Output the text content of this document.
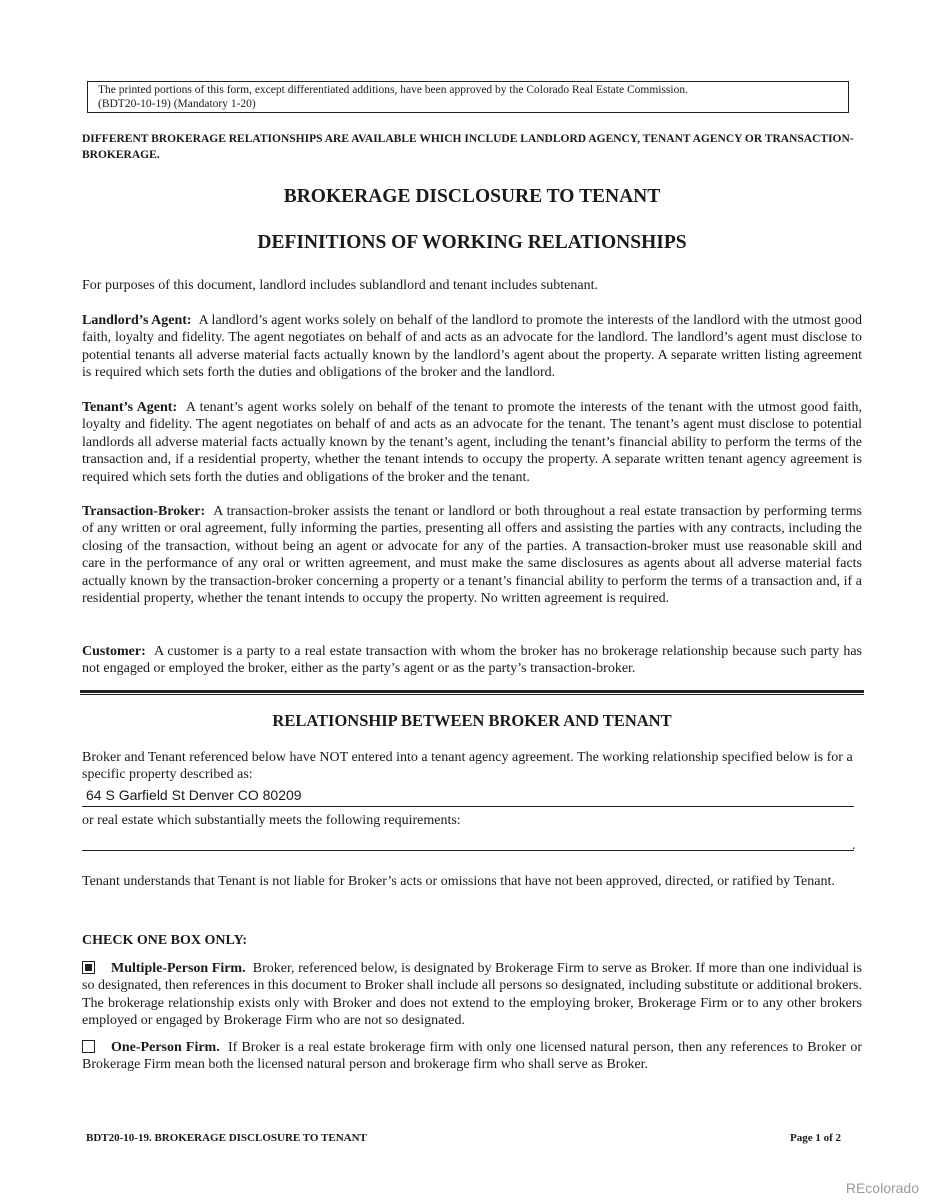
The printed portions of this form, except differentiated additions, have been approved by the Colorado Real Estate Commission.
(BDT20-10-19) (Mandatory 1-20)
DIFFERENT BROKERAGE RELATIONSHIPS ARE AVAILABLE WHICH INCLUDE LANDLORD AGENCY, TENANT AGENCY OR TRANSACTION-BROKERAGE.
BROKERAGE DISCLOSURE TO TENANT
DEFINITIONS OF WORKING RELATIONSHIPS
For purposes of this document, landlord includes sublandlord and tenant includes subtenant.
Landlord’s Agent: A landlord’s agent works solely on behalf of the landlord to promote the interests of the landlord with the utmost good faith, loyalty and fidelity. The agent negotiates on behalf of and acts as an advocate for the landlord. The landlord’s agent must disclose to potential tenants all adverse material facts actually known by the landlord’s agent about the property. A separate written listing agreement is required which sets forth the duties and obligations of the broker and the landlord.
Tenant’s Agent: A tenant’s agent works solely on behalf of the tenant to promote the interests of the tenant with the utmost good faith, loyalty and fidelity. The agent negotiates on behalf of and acts as an advocate for the tenant. The tenant’s agent must disclose to potential landlords all adverse material facts actually known by the tenant’s agent, including the tenant’s financial ability to perform the terms of the transaction and, if a residential property, whether the tenant intends to occupy the property. A separate written tenant agency agreement is required which sets forth the duties and obligations of the broker and the tenant.
Transaction-Broker: A transaction-broker assists the tenant or landlord or both throughout a real estate transaction by performing terms of any written or oral agreement, fully informing the parties, presenting all offers and assisting the parties with any contracts, including the closing of the transaction, without being an agent or advocate for any of the parties. A transaction-broker must use reasonable skill and care in the performance of any oral or written agreement, and must make the same disclosures as agents about all adverse material facts actually known by the transaction-broker concerning a property or a tenant’s financial ability to perform the terms of a transaction and, if a residential property, whether the tenant intends to occupy the property. No written agreement is required.
Customer: A customer is a party to a real estate transaction with whom the broker has no brokerage relationship because such party has not engaged or employed the broker, either as the party’s agent or as the party’s transaction-broker.
RELATIONSHIP BETWEEN BROKER AND TENANT
Broker and Tenant referenced below have NOT entered into a tenant agency agreement. The working relationship specified below is for a specific property described as:
64 S Garfield St Denver CO 80209
or real estate which substantially meets the following requirements:
.
Tenant understands that Tenant is not liable for Broker’s acts or omissions that have not been approved, directed, or ratified by Tenant.
CHECK ONE BOX ONLY:
Multiple-Person Firm. Broker, referenced below, is designated by Brokerage Firm to serve as Broker. If more than one individual is so designated, then references in this document to Broker shall include all persons so designated, including substitute or additional brokers. The brokerage relationship exists only with Broker and does not extend to the employing broker, Brokerage Firm or to any other brokers employed or engaged by Brokerage Firm who are not so designated.
One-Person Firm. If Broker is a real estate brokerage firm with only one licensed natural person, then any references to Broker or Brokerage Firm mean both the licensed natural person and brokerage firm who shall serve as Broker.
BDT20-10-19. BROKERAGE DISCLOSURE TO TENANT	Page 1 of 2
REcolorado
